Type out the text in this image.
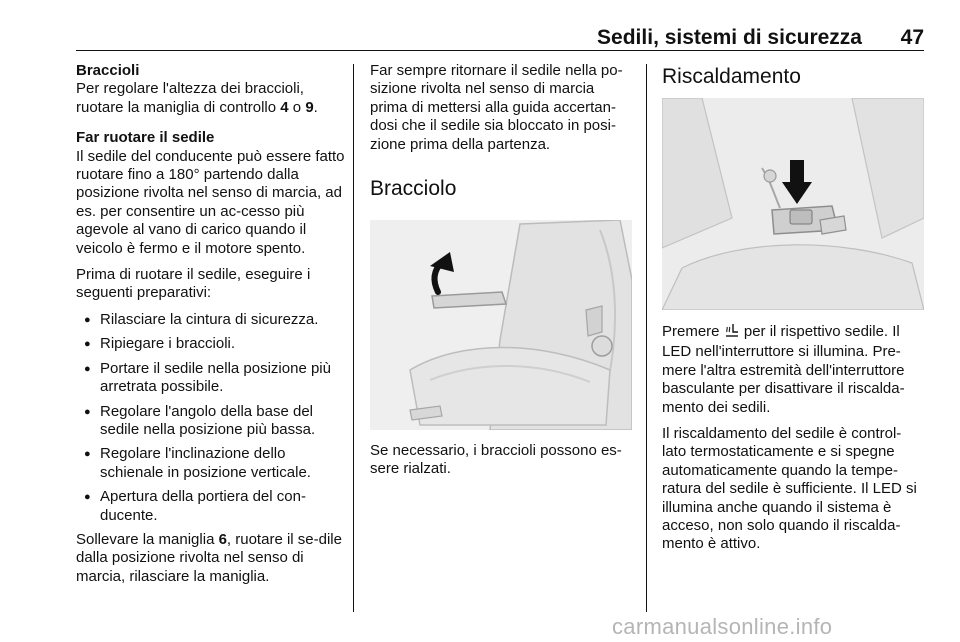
Sedili, sistemi di sicurezza 47

Braccioli
Per regolare l'altezza dei braccioli, ruotare la maniglia di controllo 4 o 9.

Far ruotare il sedile
Il sedile del conducente può essere fatto ruotare fino a 180° partendo dalla posizione rivolta nel senso di marcia, ad es. per consentire un ac‐cesso più agevole al vano di carico quando il veicolo è fermo e il motore spento.

Prima di ruotare il sedile, eseguire i seguenti preparativi:

● Rilasciare la cintura di sicurezza.
● Ripiegare i braccioli.
● Portare il sedile nella posizione più arretrata possibile.
● Regolare l'angolo della base del sedile nella posizione più bassa.
● Regolare l'inclinazione dello schienale in posizione verticale.
● Apertura della portiera del con‐ducente.

Sollevare la maniglia 6, ruotare il se‐dile dalla posizione rivolta nel senso di marcia, rilasciare la maniglia.

Far sempre ritornare il sedile nella po‐sizione rivolta nel senso di marcia prima di mettersi alla guida accertan‐dosi che il sedile sia bloccato in posi‐zione prima della partenza.

Bracciolo

Se necessario, i braccioli possono es‐sere rialzati.

Riscaldamento

Premere  per il rispettivo sedile. Il LED nell'interruttore si illumina. Pre‐mere l'altra estremità dell'interruttore basculante per disattivare il riscalda‐mento dei sedili.

Il riscaldamento del sedile è control‐lato termostaticamente e si spegne automaticamente quando la tempe‐ratura del sedile è sufficiente. Il LED si illumina anche quando il sistema è acceso, non solo quando il riscalda‐mento è attivo.

carmanualsonline.info
